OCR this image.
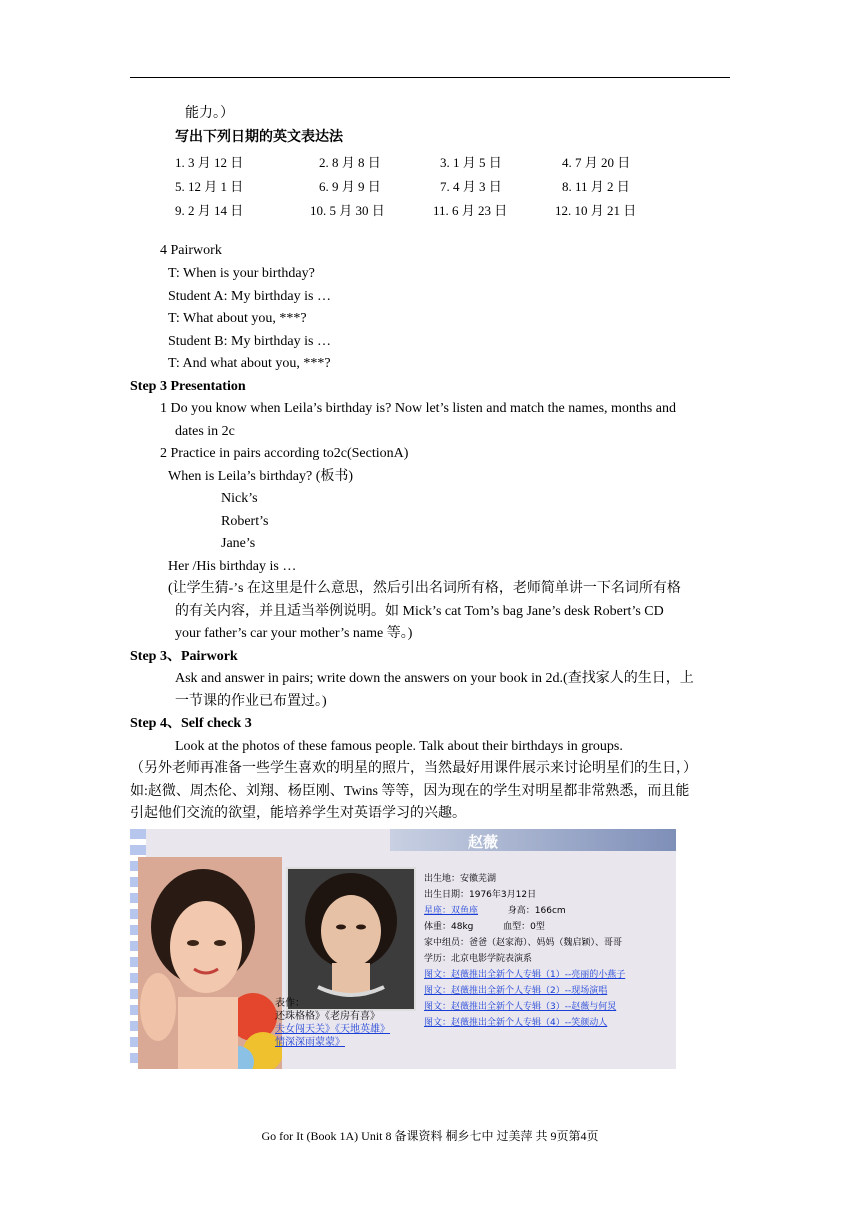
能力。）
写出下列日期的英文表达法
1. 3 月 12 日	2. 8 月 8 日	3. 1 月 5 日	4. 7 月 20 日
5. 12 月 1 日	6. 9 月 9 日	7. 4 月 3 日	8. 11 月 2 日
9. 2 月 14 日	10. 5 月 30 日	11. 6 月 23 日	12. 10 月 21 日
4 Pairwork
T: When is your birthday?
Student A: My birthday is …
T: What about you, ***?
Student B: My birthday is …
T: And what about you, ***?
Step 3 Presentation
1 Do you know when Leila’s birthday is? Now let’s listen and match the names, months and
dates in 2c
2 Practice in pairs according to2c(SectionA)
When is Leila’s birthday? (板书)
Nick’s
Robert’s
Jane’s
Her /His birthday is …
(让学生猜-’s 在这里是什么意思，然后引出名词所有格，老师简单讲一下名词所有格
的有关内容，并且适当举例说明。如 Mick’s cat Tom’s bag Jane’s desk Robert’s CD
your father’s car your mother’s name 等。)
Step 3、Pairwork
Ask and answer in pairs; write down the answers on your book in 2d.(查找家人的生日，上
一节课的作业已布置过。)
Step 4、Self check 3
Look at the photos of these famous people. Talk about their birthdays in groups.
（另外老师再准备一些学生喜欢的明星的照片，当然最好用课件展示来讨论明星们的生日，）
如:赵微、周杰伦、刘翔、杨臣刚、Twins 等等，因为现在的学生对明星都非常熟悉，而且能
引起他们交流的欲望，能培养学生对英语学习的兴趣。
赵薇
出生地：安徽芜湖
出生日期：1976年3月12日
星座：双鱼座	身高：166cm
体重：48kg	血型：0型
家中组员：爸爸（赵家海）、妈妈（魏启颖）、哥哥
学历：北京电影学院表演系
图文：赵薇推出全新个人专辑（1）--亮丽的小燕子
图文：赵薇推出全新个人专辑（2）--现场演唱
图文：赵薇推出全新个人专辑（3）--赵薇与何炅
图文：赵薇推出全新个人专辑（4）--笑颜动人
表作：
还珠格格》《老房有喜》
夫女闯天关》《天地英雄》
情深深雨蒙蒙》
Go for It (Book 1A) Unit 8 备课资料 桐乡七中 过美萍 共 9页第4页
